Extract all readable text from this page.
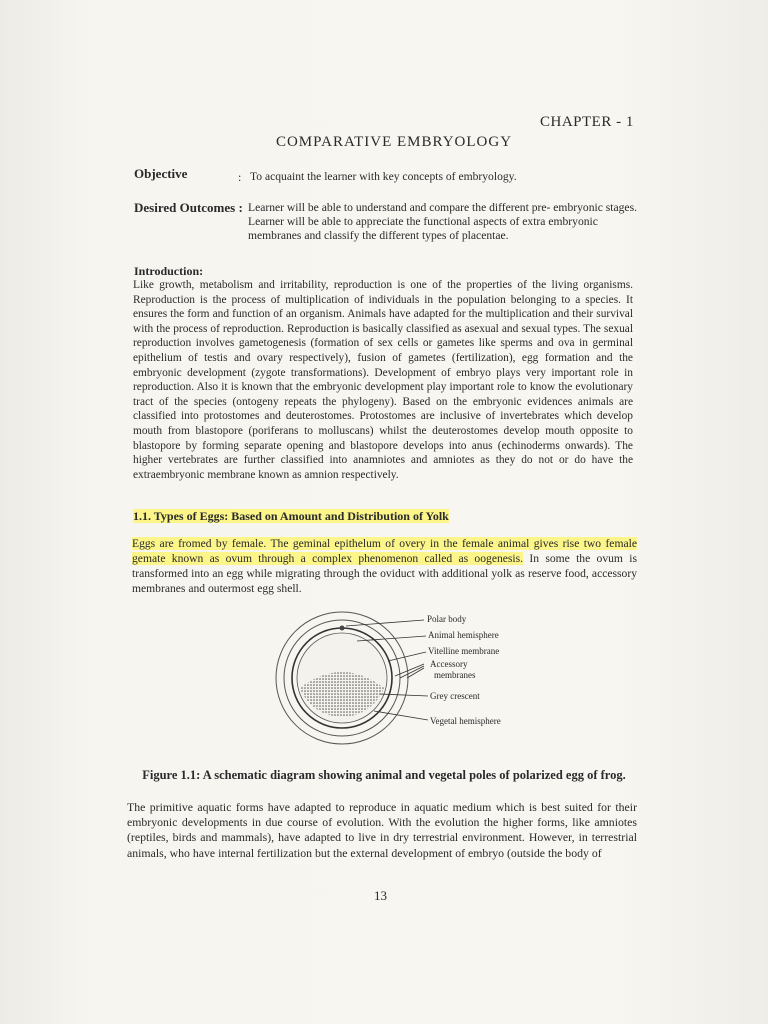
CHAPTER - 1
COMPARATIVE EMBRYOLOGY
Objective	: To acquaint the learner with key concepts of embryology.
Desired Outcomes : Learner will be able to understand and compare the different pre- embryonic stages. Learner will be able to appreciate the functional aspects of extra embryonic membranes and classify the different types of placentae.
Introduction:
Like growth, metabolism and irritability, reproduction is one of the properties of the living organisms. Reproduction is the process of multiplication of individuals in the population belonging to a species. It ensures the form and function of an organism. Animals have adapted for the multiplication and their survival with the process of reproduction. Reproduction is basically classified as asexual and sexual types. The sexual reproduction involves gametogenesis (formation of sex cells or gametes like sperms and ova in germinal epithelium of testis and ovary respectively), fusion of gametes (fertilization), egg formation and the embryonic development (zygote transformations). Development of embryo plays very important role in reproduction. Also it is known that the embryonic development play important role to know the evolutionary tract of the species (ontogeny repeats the phylogeny). Based on the embryonic evidences animals are classified into protostomes and deuterostomes. Protostomes are inclusive of invertebrates which develop mouth from blastopore (poriferans to molluscans) whilst the deuterostomes develop mouth opposite to blastopore by forming separate opening and blastopore develops into anus (echinoderms onwards). The higher vertebrates are further classified into anamniotes and amniotes as they do not or do have the extraembryonic membrane known as amnion respectively.
1.1. Types of Eggs: Based on Amount and Distribution of Yolk
Eggs are fromed by female. The geminal epithelum of overy in the female animal gives rise two female gemate known as ovum through a complex phenomenon called as oogenesis. In some the ovum is transformed into an egg while migrating through the oviduct with additional yolk as reserve food, accessory membranes and outermost egg shell.
Polar body
Animal hemisphere
Vitelline membrane
Accessory
membranes
Grey crescent
Vegetal hemisphere
Figure 1.1: A schematic diagram showing animal and vegetal poles of polarized egg of frog.
The primitive aquatic forms have adapted to reproduce in aquatic medium which is best suited for their embryonic developments in due course of evolution. With the evolution the higher forms, like amniotes (reptiles, birds and mammals), have adapted to live in dry terrestrial environment. However, in terrestrial animals, who have internal fertilization but the external development of embryo (outside the body of
13
